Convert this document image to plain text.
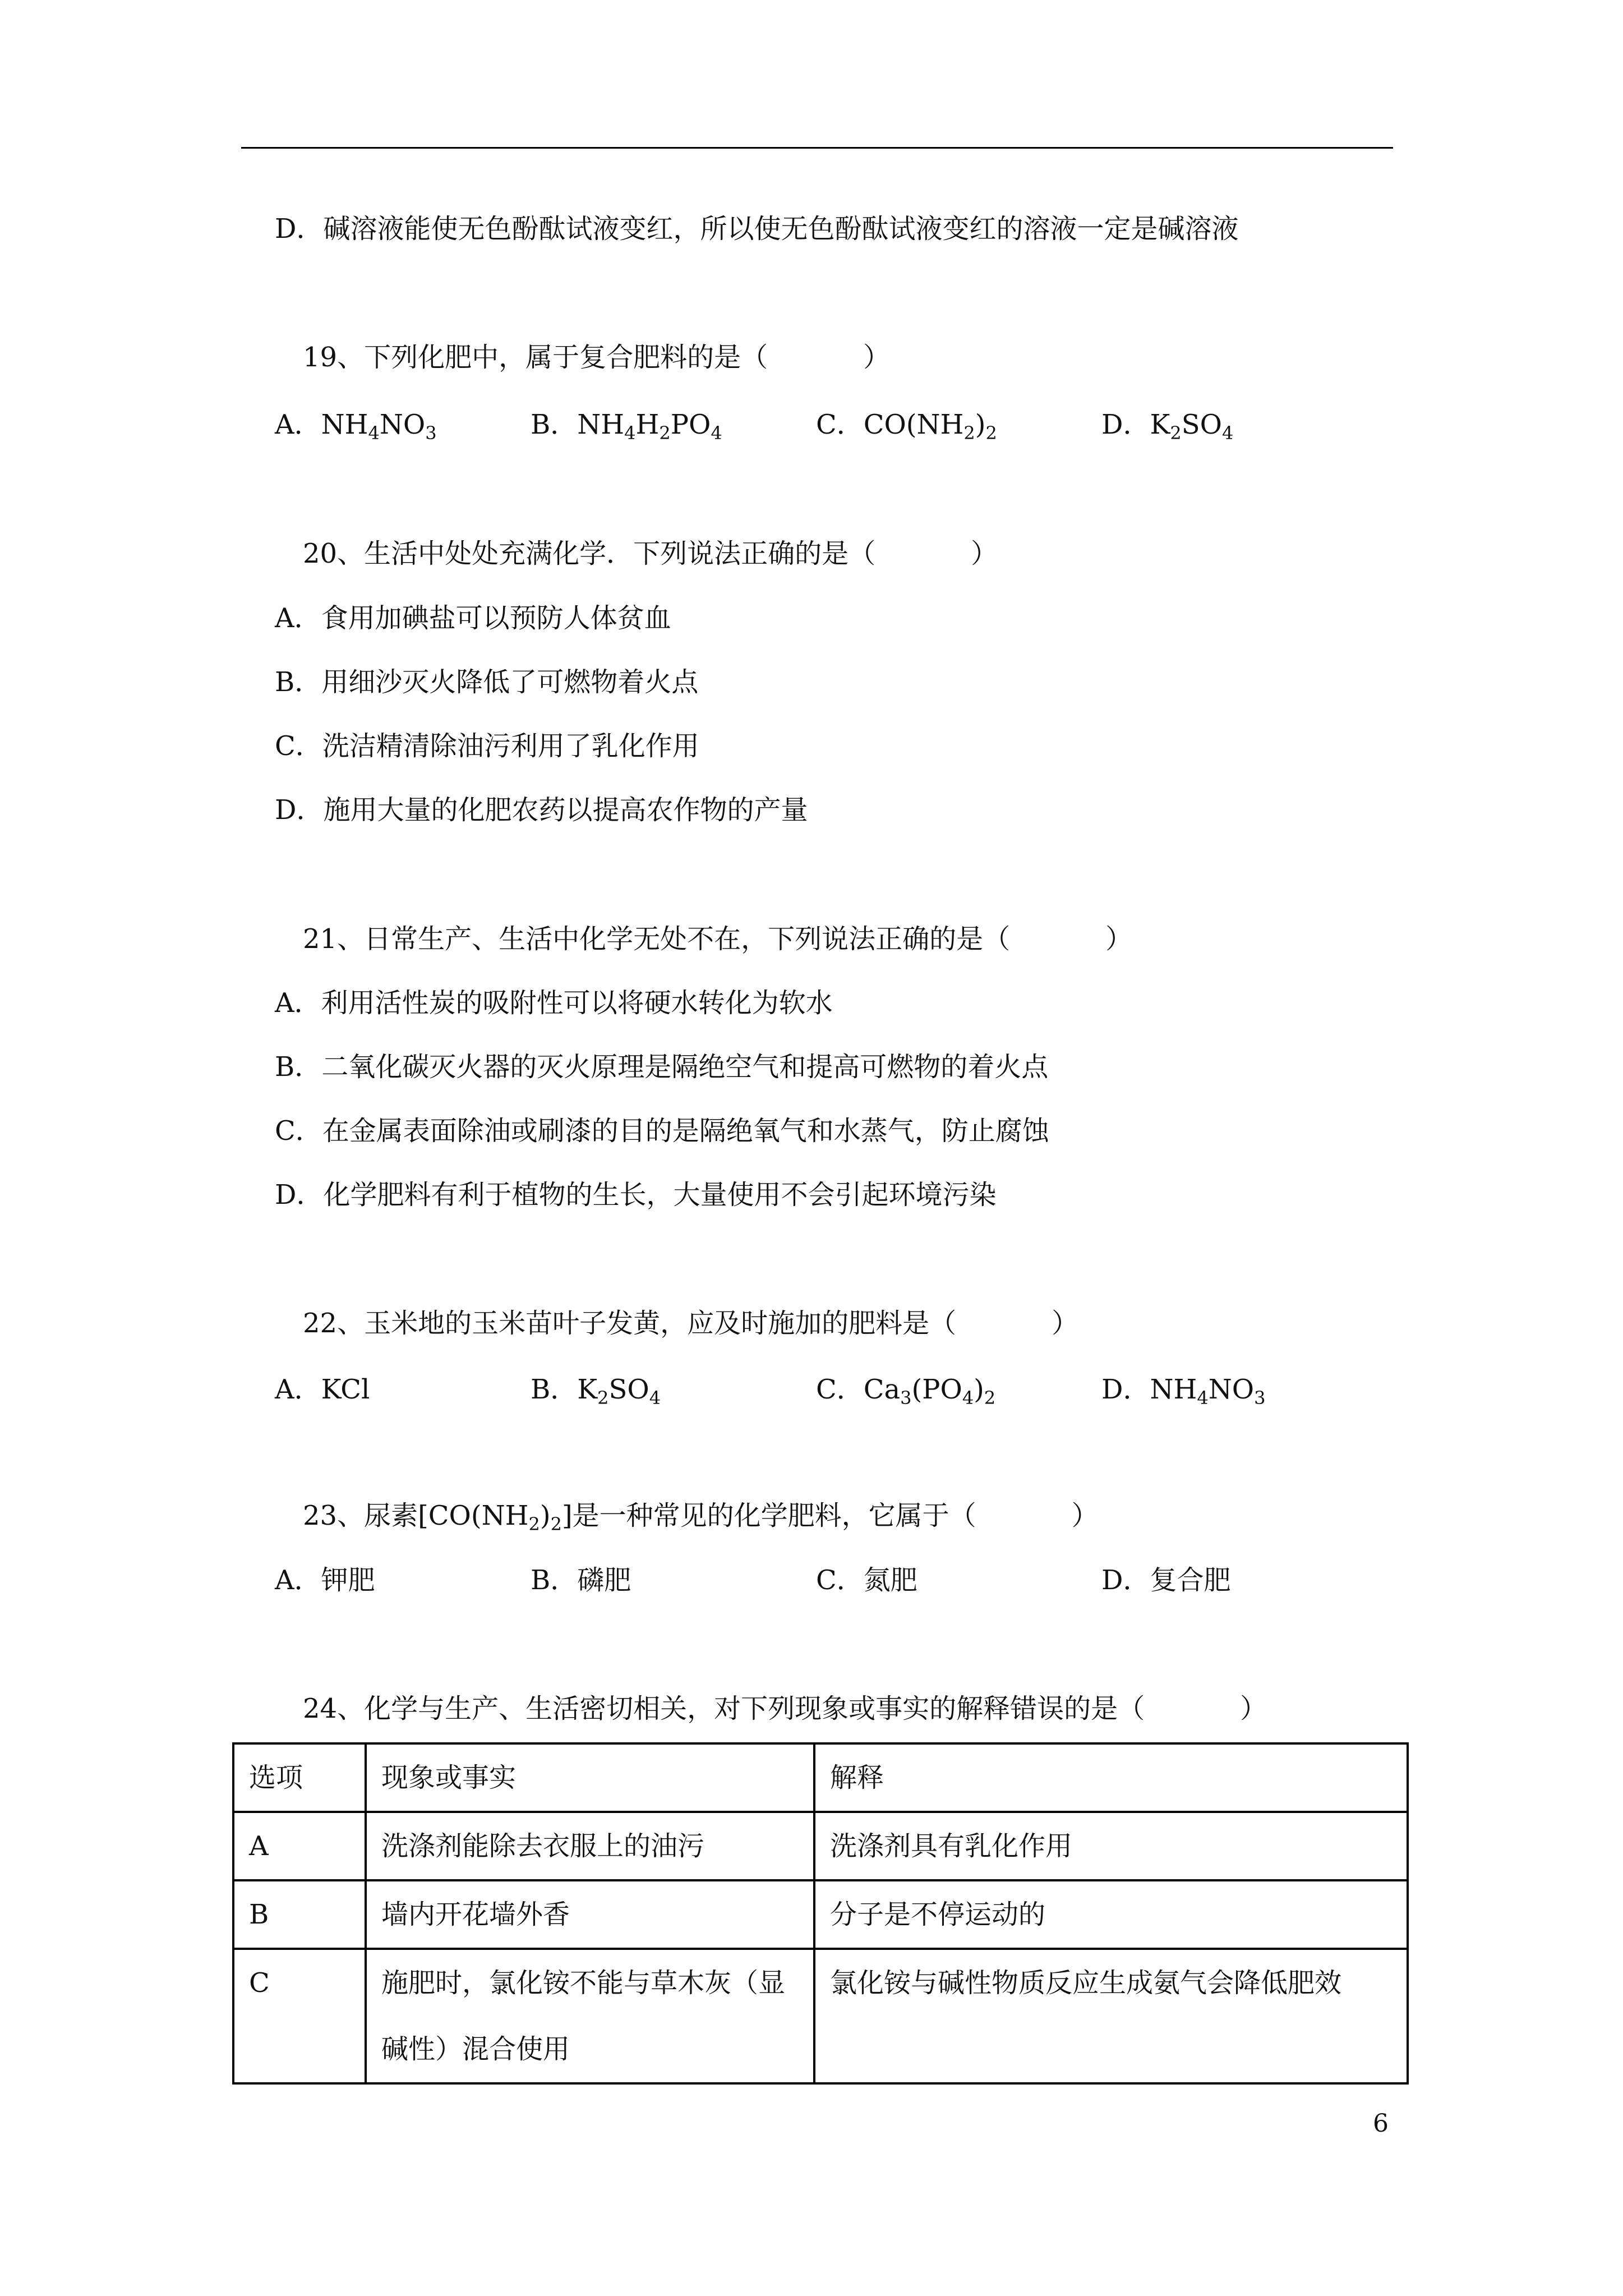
D．碱溶液能使无色酚酞试液变红，所以使无色酚酞试液变红的溶液一定是碱溶液
19、下列化肥中，属于复合肥料的是（	）
A．$NH_4NO_3$	B．$NH_4H_2PO_4$	C．$CO(NH_2)_2$	D．$K_2SO_4$
20、生活中处处充满化学．下列说法正确的是（	）
A．食用加碘盐可以预防人体贫血
B．用细沙灭火降低了可燃物着火点
C．洗洁精清除油污利用了乳化作用
D．施用大量的化肥农药以提高农作物的产量
21、日常生产、生活中化学无处不在，下列说法正确的是（	）
A．利用活性炭的吸附性可以将硬水转化为软水
B．二氧化碳灭火器的灭火原理是隔绝空气和提高可燃物的着火点
C．在金属表面除油或刷漆的目的是隔绝氧气和水蒸气，防止腐蚀
D．化学肥料有利于植物的生长，大量使用不会引起环境污染
22、玉米地的玉米苗叶子发黄，应及时施加的肥料是（	）
A．KCl	B．$K_2SO_4$	C．$Ca_3(PO_4)_2$	D．$NH_4NO_3$
23、尿素$[CO(NH_2)_2]$是一种常见的化学肥料，它属于（	）
A．钾肥	B．磷肥	C．氮肥	D．复合肥
24、化学与生产、生活密切相关，对下列现象或事实的解释错误的是（	）
选项	现象或事实	解释
A	洗涤剂能除去衣服上的油污	洗涤剂具有乳化作用
B	墙内开花墙外香	分子是不停运动的
C	施肥时，氯化铵不能与草木灰（显碱性）混合使用	氯化铵与碱性物质反应生成氨气会降低肥效
6
